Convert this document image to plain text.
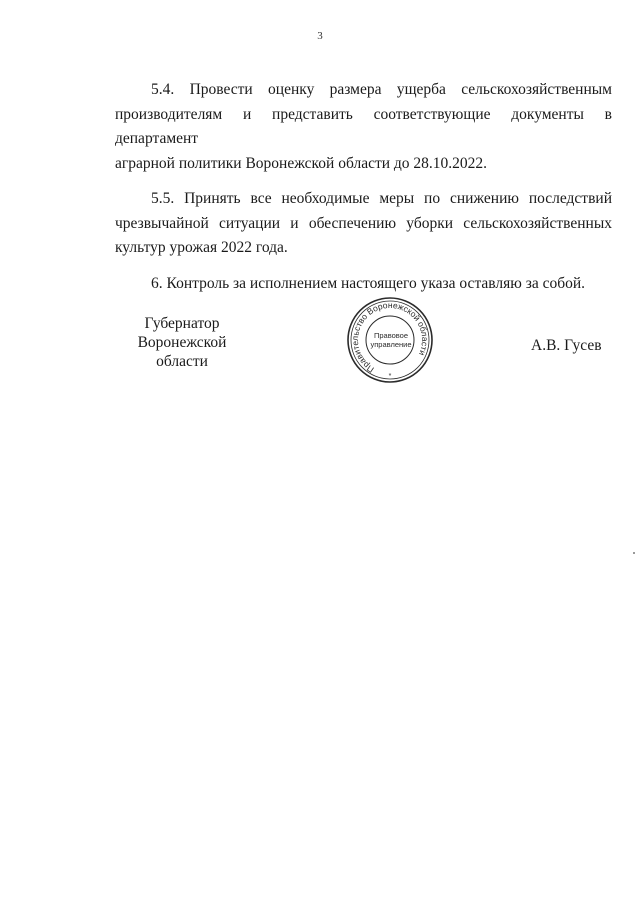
3

5.4. Провести оценку размера ущерба сельскохозяйственным
производителям и представить соответствующие документы в департамент
аграрной политики Воронежской области до 28.10.2022.

5.5. Принять все необходимые меры по снижению последствий
чрезвычайной ситуации и обеспечению уборки сельскохозяйственных
культур урожая 2022 года.

6. Контроль за исполнением настоящего указа оставляю за собой.

Губернатор
Воронежской области	Правительство Воронежской области
Правовое
управление
*
А.В. Гусев
